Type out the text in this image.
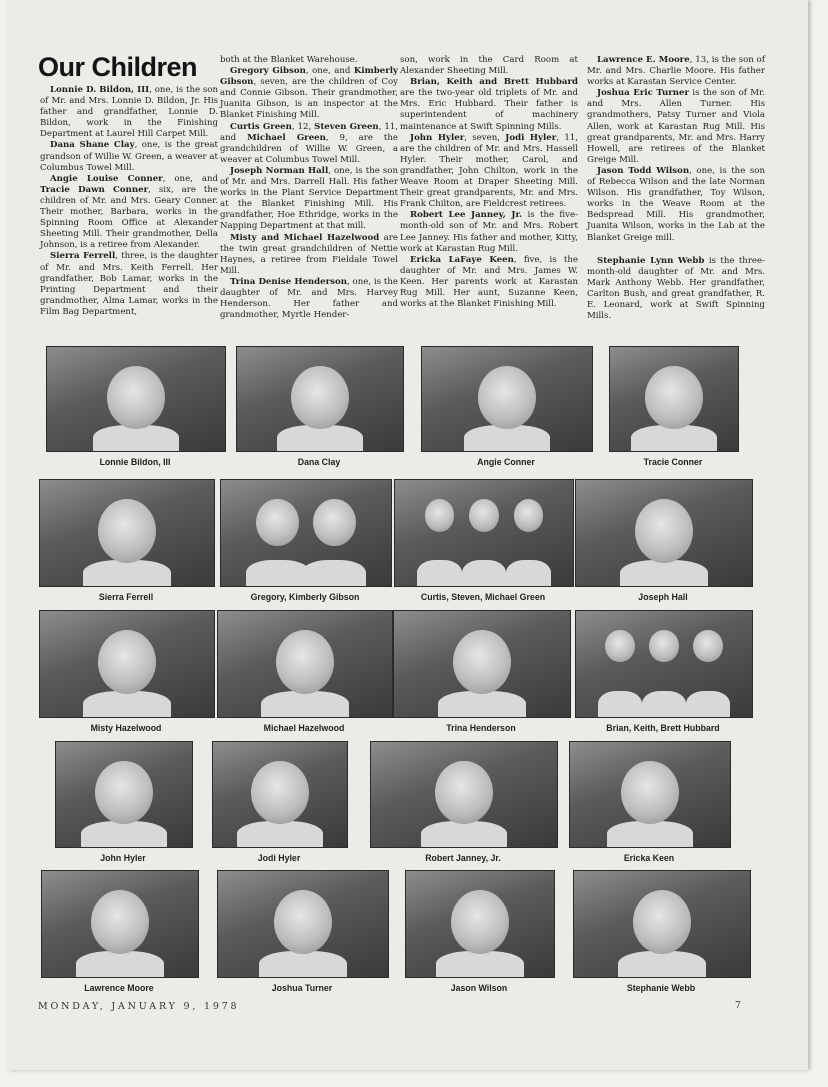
Our Children

Lonnie D. Bildon, III, one, is the son of Mr. and Mrs. Lonnie D. Bildon, Jr. His father and grandfather, Lonnie D. Bildon, work in the Finishing Department at Laurel Hill Carpet Mill.

Dana Shane Clay, one, is the great grandson of Willie W. Green, a weaver at Columbus Towel Mill.

Angie Louise Conner, one, and Tracie Dawn Conner, six, are the children of Mr. and Mrs. Geary Conner. Their mother, Barbara, works in the Spinning Room Office at Alexander Sheeting Mill. Their grandmother, Della Johnson, is a retiree from Alexander.

Sierra Ferrell, three, is the daughter of Mr. and Mrs. Keith Ferrell. Her grandfather, Bob Lamar, works in the Printing Department and their grandmother, Alma Lamar, works in the Film Bag Department,

both at the Blanket Warehouse.

Gregory Gibson, one, and Kimberly Gibson, seven, are the children of Coy and Connie Gibson. Their grandmother, Juanita Gibson, is an inspector at the Blanket Finishing Mill.

Curtis Green, 12, Steven Green, 11, and Michael Green, 9, are the grandchildren of Willie W. Green, a weaver at Columbus Towel Mill.

Joseph Norman Hall, one, is the son of Mr. and Mrs. Darrell Hall. His father works in the Plant Service Department at the Blanket Finishing Mill. His grandfather, Hoe Ethridge, works in the Napping Department at that mill.

Misty and Michael Hazelwood are the twin great grandchildren of Nettie Haynes, a retiree from Fieldale Towel Mill.

Trina Denise Henderson, one, is the daughter of Mr. and Mrs. Harvey Henderson. Her father and grandmother, Myrtle Hender-

son, work in the Card Room at Alexander Sheeting Mill.

Brian, Keith and Brett Hubbard are the two-year old triplets of Mr. and Mrs. Eric Hubbard. Their father is superintendent of machinery maintenance at Swift Spinning Mills.

John Hyler, seven, Jodi Hyler, 11, are the children of Mr. and Mrs. Hassell Hyler. Their mother, Carol, and grandfather, John Chilton, work in the Weave Room at Draper Sheeting Mill. Their great grandparents, Mr. and Mrs. Frank Chilton, are Fieldcrest retirees.

Robert Lee Janney, Jr. is the five-month-old son of Mr. and Mrs. Robert Lee Janney. His father and mother, Kitty, work at Karastan Rug Mill.

Ericka LaFaye Keen, five, is the daughter of Mr. and Mrs. James W. Keen. Her parents work at Karastan Rug Mill. Her aunt, Suzanne Keen, works at the Blanket Finishing Mill.

Lawrence E. Moore, 13, is the son of Mr. and Mrs. Charlie Moore. His father works at Karastan Service Center.

Joshua Eric Turner is the son of Mr. and Mrs. Allen Turner. His grandmothers, Patsy Turner and Viola Allen, work at Karastan Rug Mill. His great grandparents, Mr. and Mrs. Harry Howell, are retirees of the Blanket Greige Mill.

Jason Todd Wilson, one, is the son of Rebecca Wilson and the late Norman Wilson. His grandfather, Toy Wilson, works in the Weave Room at the Bedspread Mill. His grandmother, Juanita Wilson, works in the Lab at the Blanket Greige mill.

Stephanie Lynn Webb is the three-month-old daughter of Mr. and Mrs. Mark Anthony Webb. Her grandfather, Carlton Bush, and great grandfather, R. E. Leonard, work at Swift Spinning Mills.

Lonnie Bildon, III	Dana Clay	Angie Conner	Tracie Conner
Sierra Ferrell	Gregory, Kimberly Gibson	Curtis, Steven, Michael Green	Joseph Hall
Misty Hazelwood	Michael Hazelwood	Trina Henderson	Brian, Keith, Brett Hubbard
John Hyler	Jodi Hyler	Robert Janney, Jr.	Ericka Keen
Lawrence Moore	Joshua Turner	Jason Wilson	Stephanie Webb
MONDAY, JANUARY 9, 1978	7
